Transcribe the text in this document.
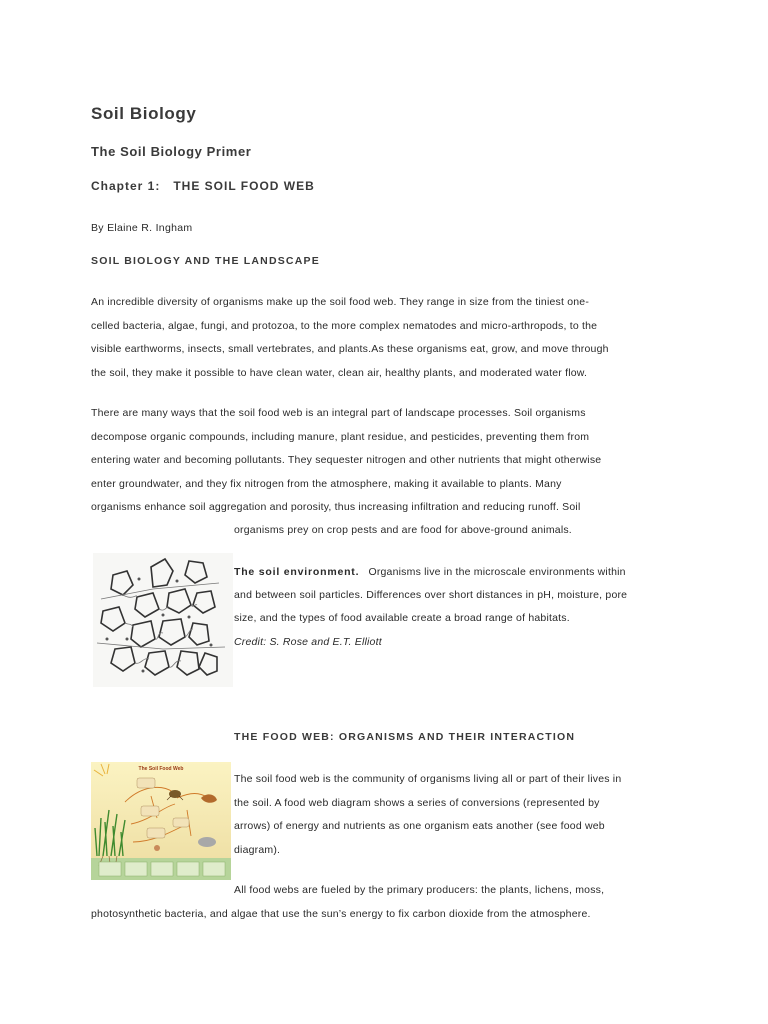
Soil Biology
The Soil Biology Primer
Chapter 1:   THE SOIL FOOD WEB
By Elaine R. Ingham
SOIL BIOLOGY AND THE LANDSCAPE
An incredible diversity of organisms make up the soil food web. They range in size from the tiniest one-
celled bacteria, algae, fungi, and protozoa, to the more complex nematodes and micro-arthropods, to the
visible earthworms, insects, small vertebrates, and plants.As these organisms eat, grow, and move through
the soil, they make it possible to have clean water, clean air, healthy plants, and moderated water flow.
There are many ways that the soil food web is an integral part of landscape processes. Soil organisms
decompose organic compounds, including manure, plant residue, and pesticides, preventing them from
entering water and becoming pollutants. They sequester nitrogen and other nutrients that might otherwise
enter groundwater, and they fix nitrogen from the atmosphere, making it available to plants. Many
organisms enhance soil aggregation and porosity, thus increasing infiltration and reducing runoff. Soil
organisms prey on crop pests and are food for above-ground animals.
The soil environment. Organisms live in the microscale environments within
and between soil particles. Differences over short distances in pH, moisture, pore
size, and the types of food available create a broad range of habitats.
Credit: S. Rose and E.T. Elliott
THE FOOD WEB: ORGANISMS AND THEIR INTERACTION
The Soil Food Web
The soil food web is the community of organisms living all or part of their lives in
the soil. A food web diagram shows a series of conversions (represented by
arrows) of energy and nutrients as one organism eats another (see food web
diagram).
All food webs are fueled by the primary producers: the plants, lichens, moss,
photosynthetic bacteria, and algae that use the sun’s energy to fix carbon dioxide from the atmosphere.
